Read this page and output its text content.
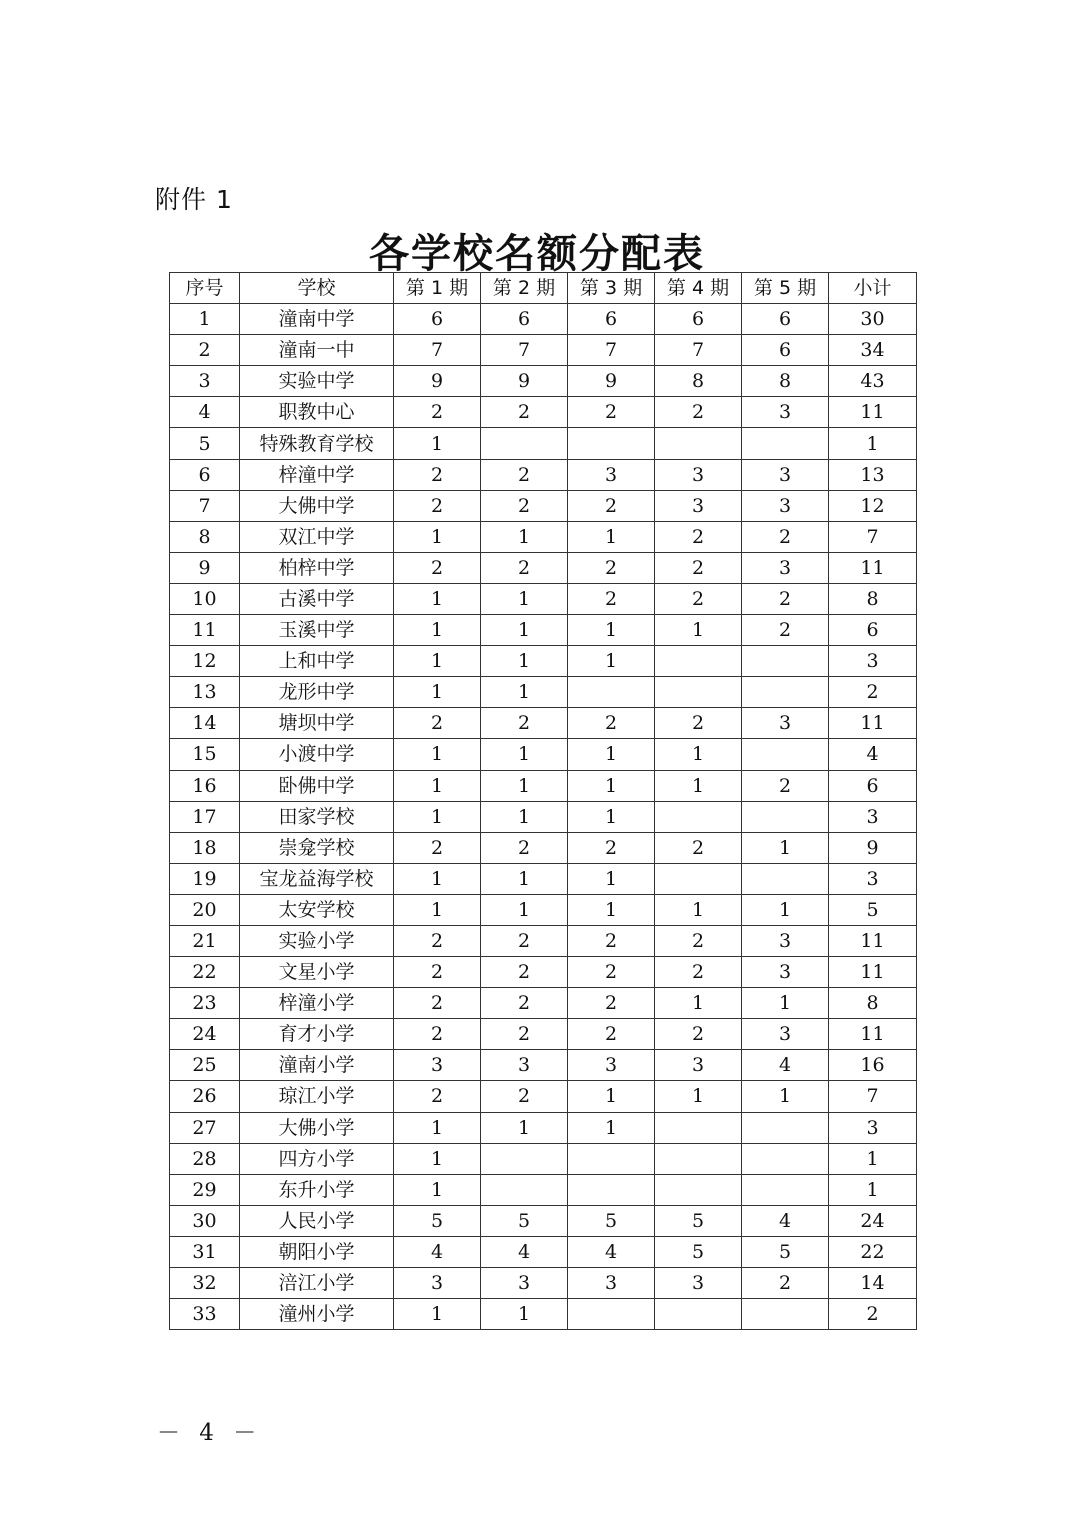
附件 1
各学校名额分配表
序号	学校	第 1 期	第 2 期	第 3 期	第 4 期	第 5 期	小计
1	潼南中学	6	6	6	6	6	30
2	潼南一中	7	7	7	7	6	34
3	实验中学	9	9	9	8	8	43
4	职教中心	2	2	2	2	3	11
5	特殊教育学校	1					1
6	梓潼中学	2	2	3	3	3	13
7	大佛中学	2	2	2	3	3	12
8	双江中学	1	1	1	2	2	7
9	柏梓中学	2	2	2	2	3	11
10	古溪中学	1	1	2	2	2	8
11	玉溪中学	1	1	1	1	2	6
12	上和中学	1	1	1			3
13	龙形中学	1	1				2
14	塘坝中学	2	2	2	2	3	11
15	小渡中学	1	1	1	1		4
16	卧佛中学	1	1	1	1	2	6
17	田家学校	1	1	1			3
18	崇龛学校	2	2	2	2	1	9
19	宝龙益海学校	1	1	1			3
20	太安学校	1	1	1	1	1	5
21	实验小学	2	2	2	2	3	11
22	文星小学	2	2	2	2	3	11
23	梓潼小学	2	2	2	1	1	8
24	育才小学	2	2	2	2	3	11
25	潼南小学	3	3	3	3	4	16
26	琼江小学	2	2	1	1	1	7
27	大佛小学	1	1	1			3
28	四方小学	1					1
29	东升小学	1					1
30	人民小学	5	5	5	5	4	24
31	朝阳小学	4	4	4	5	5	22
32	涪江小学	3	3	3	3	2	14
33	潼州小学	1	1				2
－ 4 －
